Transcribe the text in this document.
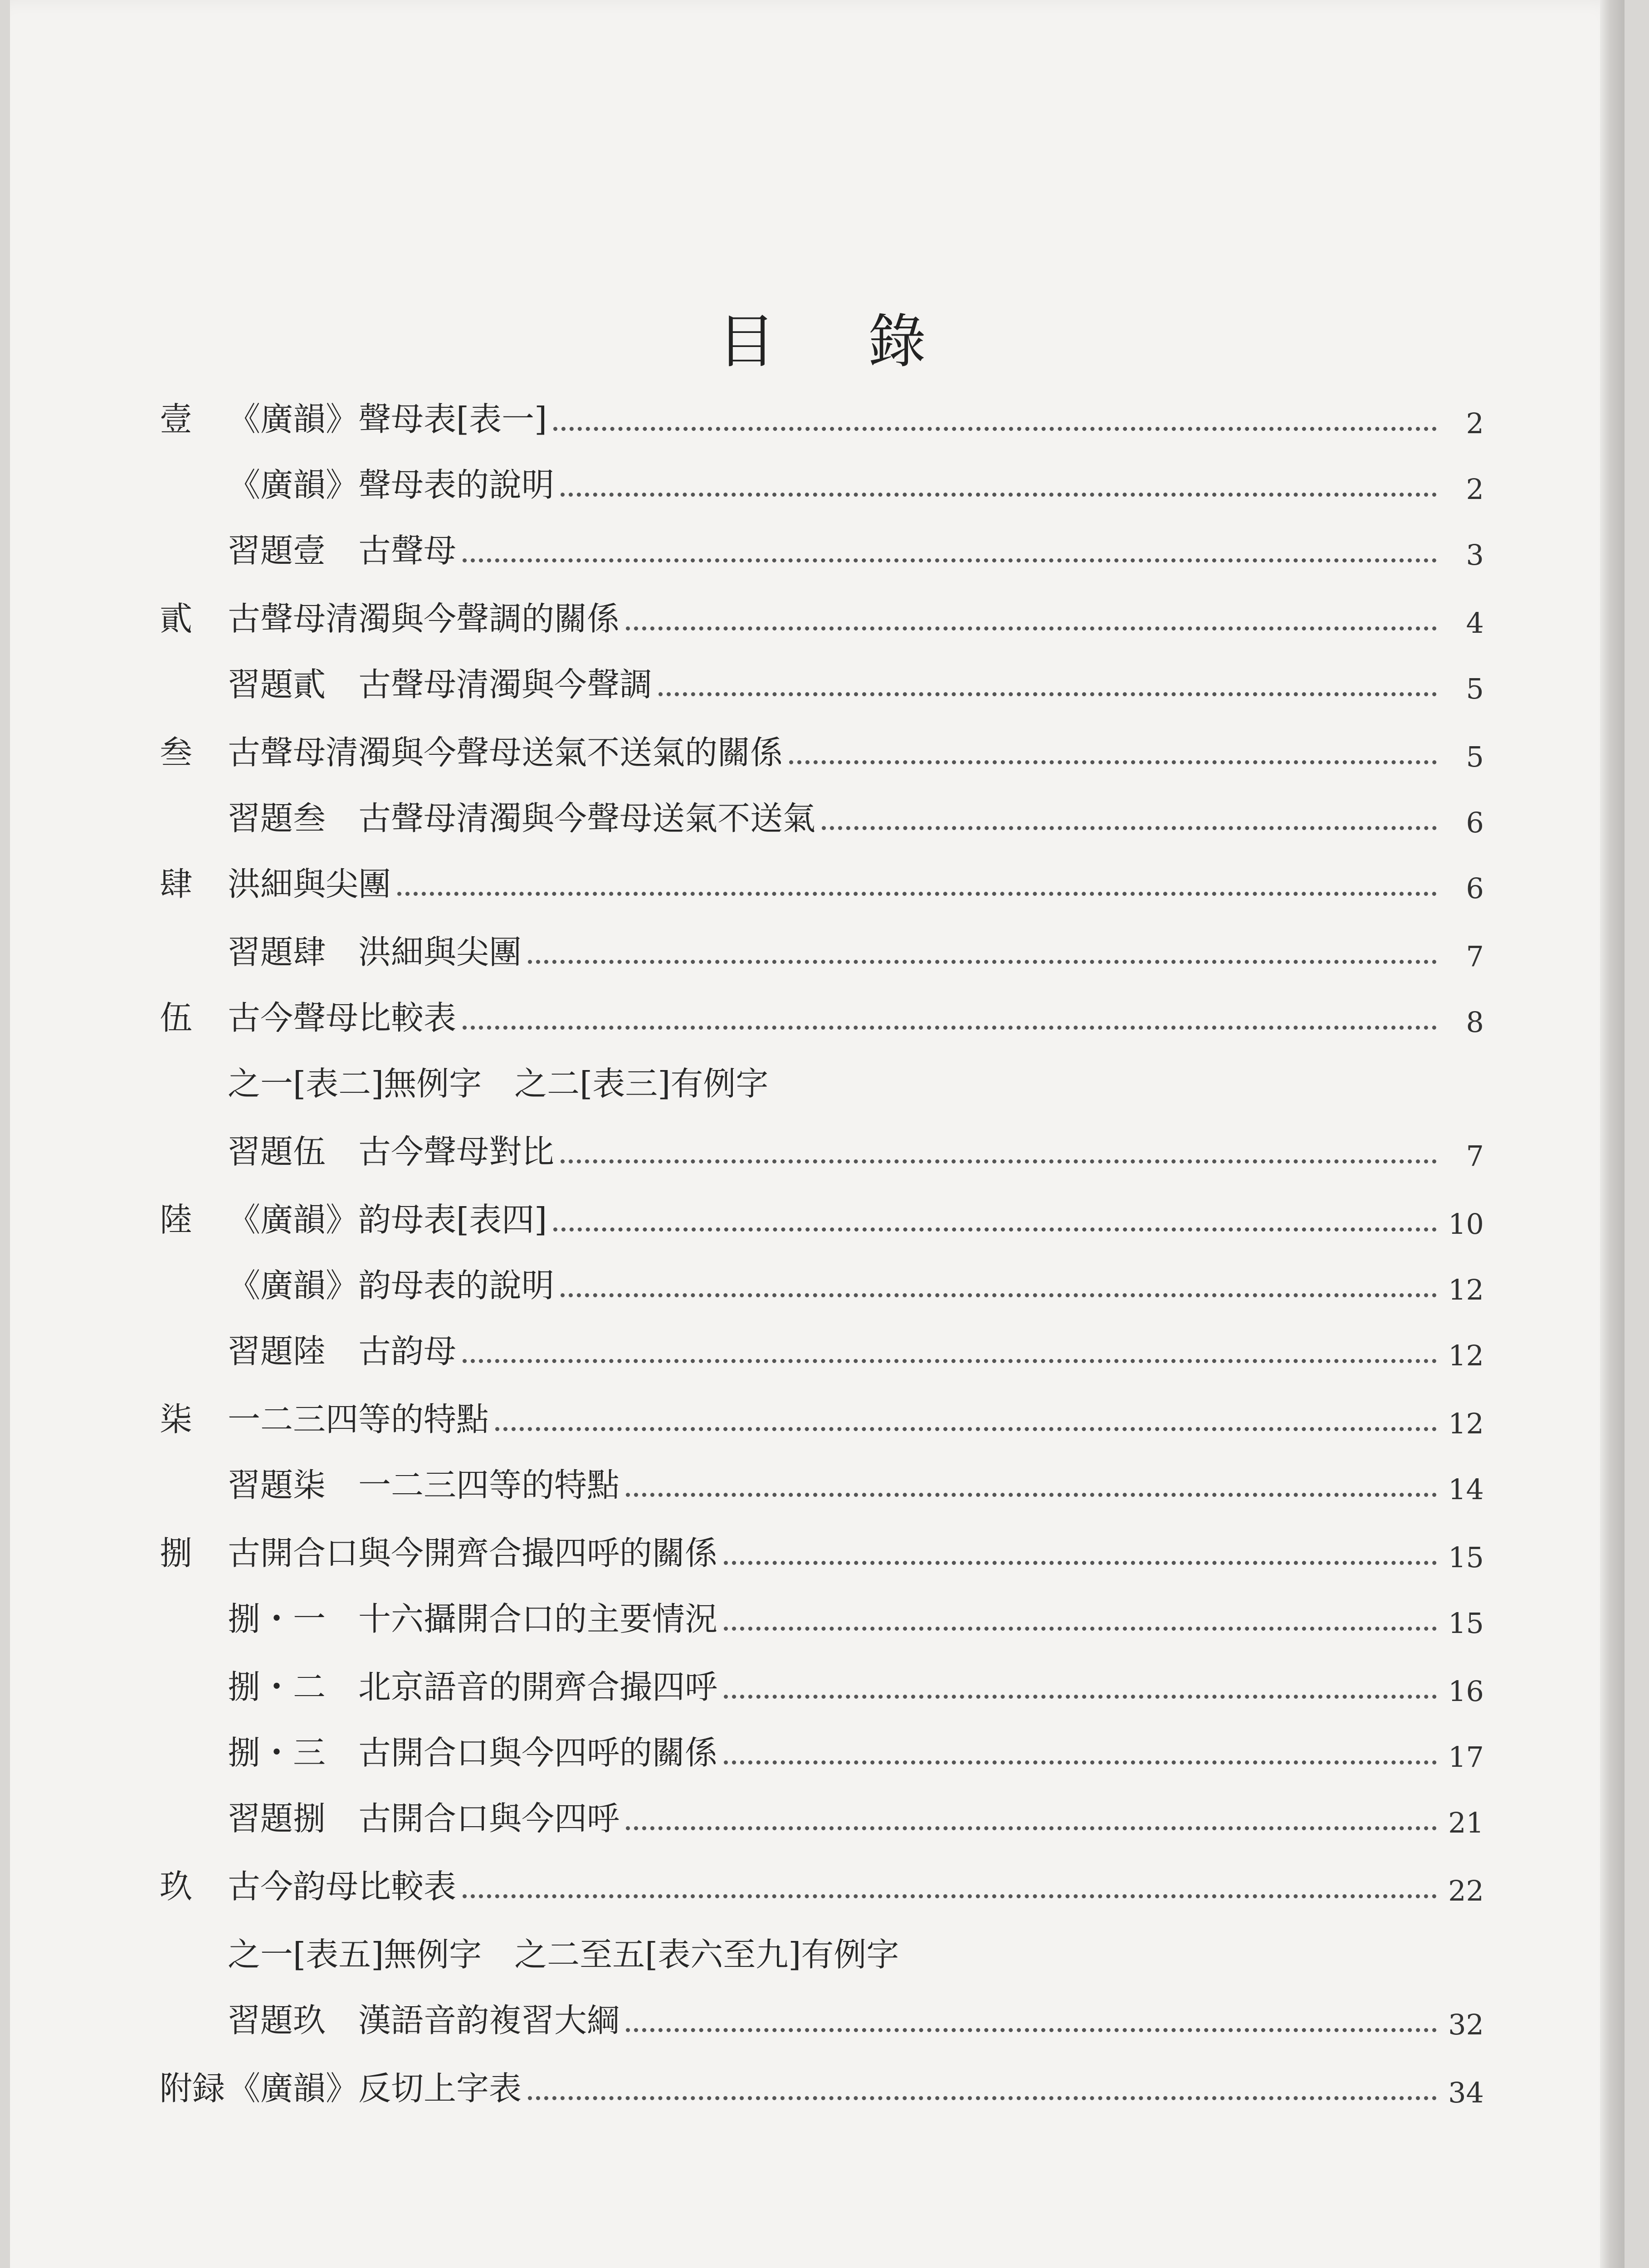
目 錄
壹	《廣韻》聲母表[表一]	2
《廣韻》聲母表的說明	2
習題壹　古聲母	3
貳	古聲母清濁與今聲調的關係	4
習題貳　古聲母清濁與今聲調	5
叁	古聲母清濁與今聲母送氣不送氣的關係	5
習題叁　古聲母清濁與今聲母送氣不送氣	6
肆	洪細與尖團	6
習題肆　洪細與尖團	7
伍	古今聲母比較表	8
之一[表二]無例字　之二[表三]有例字
習題伍　古今聲母對比	7
陸	《廣韻》韵母表[表四]	10
《廣韻》韵母表的說明	12
習題陸　古韵母	12
柒	一二三四等的特點	12
習題柒　一二三四等的特點	14
捌	古開合口與今開齊合撮四呼的關係	15
捌・一　十六攝開合口的主要情況	15
捌・二　北京語音的開齊合撮四呼	16
捌・三　古開合口與今四呼的關係	17
習題捌　古開合口與今四呼	21
玖	古今韵母比較表	22
之一[表五]無例字　之二至五[表六至九]有例字
習題玖　漢語音韵複習大綱	32
附録 《廣韻》反切上字表	34
